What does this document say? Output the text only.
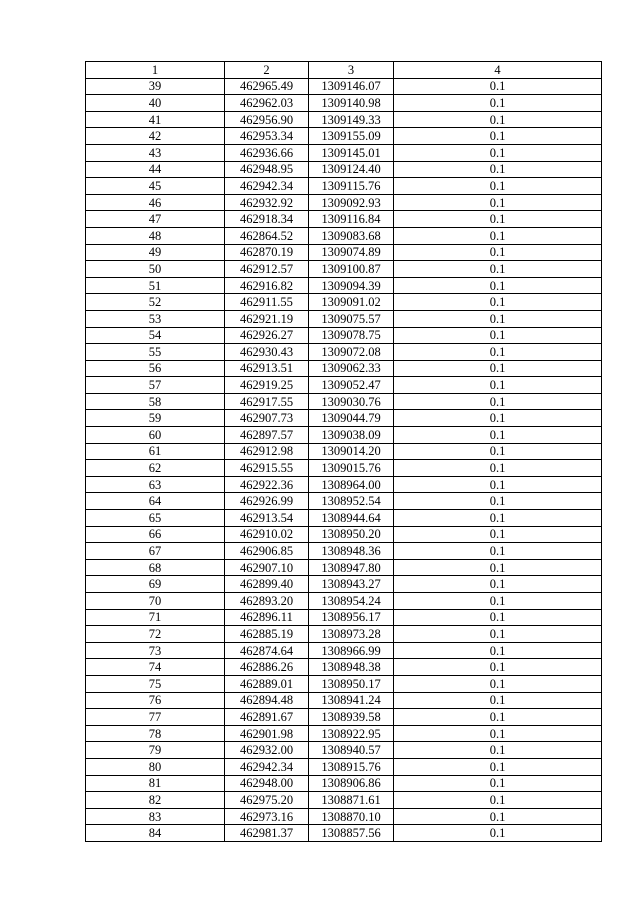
1	2	3	4
39	462965.49	1309146.07	0.1
40	462962.03	1309140.98	0.1
41	462956.90	1309149.33	0.1
42	462953.34	1309155.09	0.1
43	462936.66	1309145.01	0.1
44	462948.95	1309124.40	0.1
45	462942.34	1309115.76	0.1
46	462932.92	1309092.93	0.1
47	462918.34	1309116.84	0.1
48	462864.52	1309083.68	0.1
49	462870.19	1309074.89	0.1
50	462912.57	1309100.87	0.1
51	462916.82	1309094.39	0.1
52	462911.55	1309091.02	0.1
53	462921.19	1309075.57	0.1
54	462926.27	1309078.75	0.1
55	462930.43	1309072.08	0.1
56	462913.51	1309062.33	0.1
57	462919.25	1309052.47	0.1
58	462917.55	1309030.76	0.1
59	462907.73	1309044.79	0.1
60	462897.57	1309038.09	0.1
61	462912.98	1309014.20	0.1
62	462915.55	1309015.76	0.1
63	462922.36	1308964.00	0.1
64	462926.99	1308952.54	0.1
65	462913.54	1308944.64	0.1
66	462910.02	1308950.20	0.1
67	462906.85	1308948.36	0.1
68	462907.10	1308947.80	0.1
69	462899.40	1308943.27	0.1
70	462893.20	1308954.24	0.1
71	462896.11	1308956.17	0.1
72	462885.19	1308973.28	0.1
73	462874.64	1308966.99	0.1
74	462886.26	1308948.38	0.1
75	462889.01	1308950.17	0.1
76	462894.48	1308941.24	0.1
77	462891.67	1308939.58	0.1
78	462901.98	1308922.95	0.1
79	462932.00	1308940.57	0.1
80	462942.34	1308915.76	0.1
81	462948.00	1308906.86	0.1
82	462975.20	1308871.61	0.1
83	462973.16	1308870.10	0.1
84	462981.37	1308857.56	0.1
